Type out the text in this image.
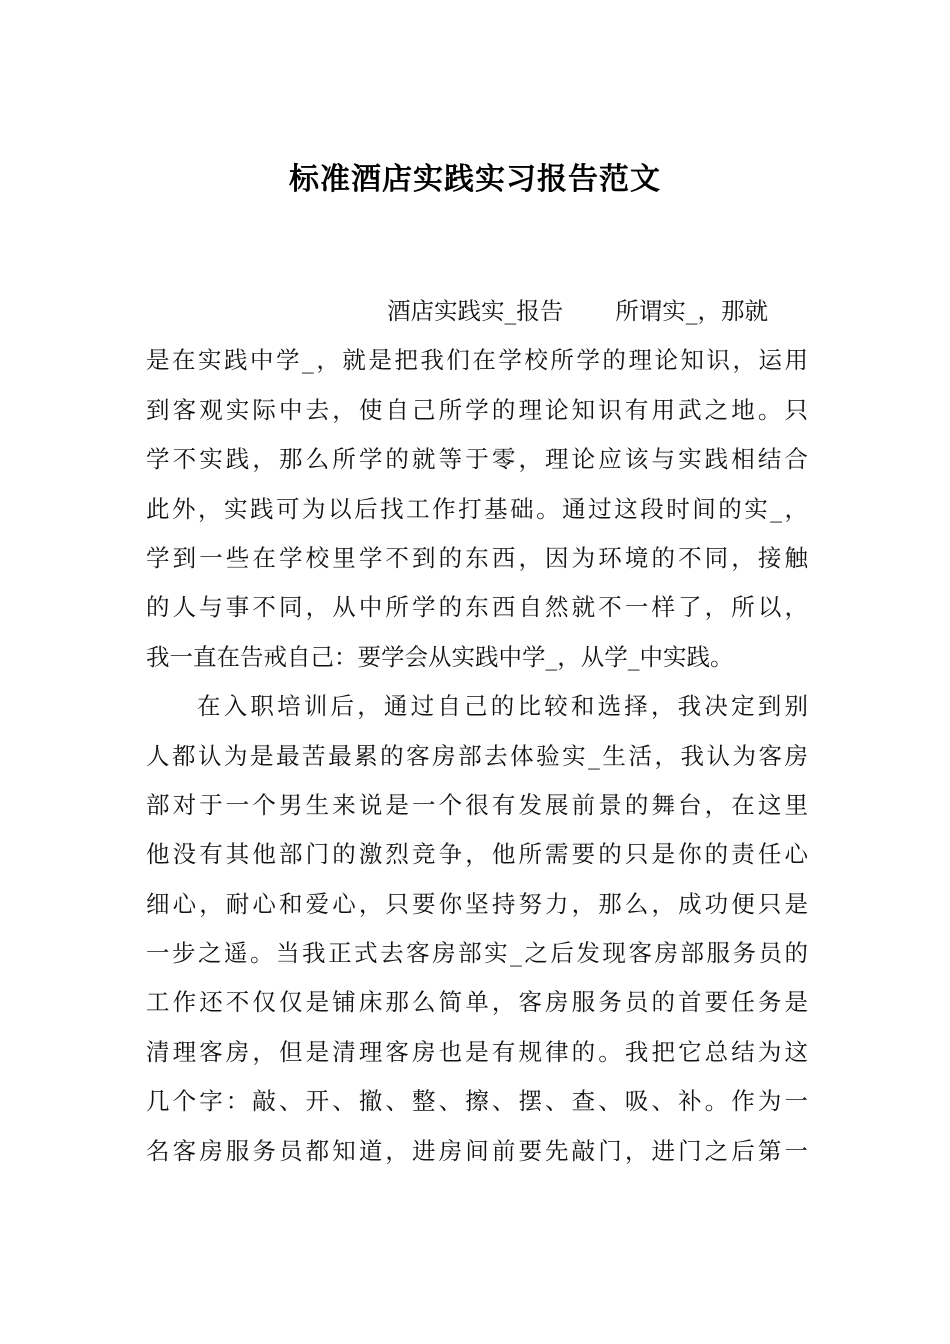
标准酒店实践实习报告范文
酒店实践实_报告 所谓实_，那就
是在实践中学_，就是把我们在学校所学的理论知识，运用
到客观实际中去，使自己所学的理论知识有用武之地。只
学不实践，那么所学的就等于零，理论应该与实践相结合
此外，实践可为以后找工作打基础。通过这段时间的实_，
学到一些在学校里学不到的东西，因为环境的不同，接触
的人与事不同，从中所学的东西自然就不一样了，所以，
我一直在告戒自己：要学会从实践中学_，从学_中实践。
在入职培训后，通过自己的比较和选择，我决定到别
人都认为是最苦最累的客房部去体验实_生活，我认为客房
部对于一个男生来说是一个很有发展前景的舞台，在这里
他没有其他部门的激烈竞争，他所需要的只是你的责任心
细心，耐心和爱心，只要你坚持努力，那么，成功便只是
一步之遥。当我正式去客房部实_之后发现客房部服务员的
工作还不仅仅是铺床那么简单，客房服务员的首要任务是
清理客房，但是清理客房也是有规律的。我把它总结为这
几个字：敲、开、撤、整、擦、摆、查、吸、补。作为一
名客房服务员都知道，进房间前要先敲门，进门之后第一
